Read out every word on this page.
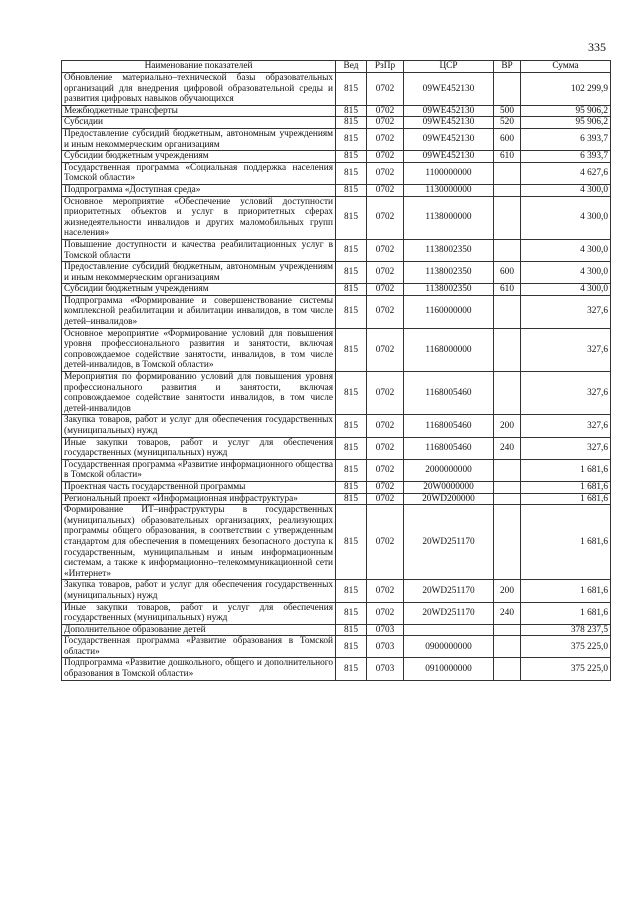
335
Наименование показателей	Вед	РзПр	ЦСР	ВР	Сумма
Обновление материально–технической базы образовательных организаций для внедрения цифровой образовательной среды и развития цифровых навыков обучающихся	815	0702	09WE452130		102 299,9
Межбюджетные трансферты	815	0702	09WE452130	500	95 906,2
Субсидии	815	0702	09WE452130	520	95 906,2
Предоставление субсидий бюджетным, автономным учреждениям и иным некоммерческим организациям	815	0702	09WE452130	600	6 393,7
Субсидии бюджетным учреждениям	815	0702	09WE452130	610	6 393,7
Государственная программа «Социальная поддержка населения Томской области»	815	0702	1100000000		4 627,6
Подпрограмма «Доступная среда»	815	0702	1130000000		4 300,0
Основное мероприятие «Обеспечение условий доступности приоритетных объектов и услуг в приоритетных сферах жизнедеятельности инвалидов и других маломобильных групп населения»	815	0702	1138000000		4 300,0
Повышение доступности и качества реабилитационных услуг в Томской области	815	0702	1138002350		4 300,0
Предоставление субсидий бюджетным, автономным учреждениям и иным некоммерческим организациям	815	0702	1138002350	600	4 300,0
Субсидии бюджетным учреждениям	815	0702	1138002350	610	4 300,0
Подпрограмма «Формирование и совершенствование системы комплексной реабилитации и абилитации инвалидов, в том числе детей–инвалидов»	815	0702	1160000000		327,6
Основное мероприятие «Формирование условий для повышения уровня профессионального развития и занятости, включая сопровождаемое содействие занятости, инвалидов, в том числе детей-инвалидов, в Томской области»	815	0702	1168000000		327,6
Мероприятия по формированию условий для повышения уровня профессионального развития и занятости, включая сопровождаемое содействие занятости инвалидов, в том числе детей-инвалидов	815	0702	1168005460		327,6
Закупка товаров, работ и услуг для обеспечения государственных (муниципальных) нужд	815	0702	1168005460	200	327,6
Иные закупки товаров, работ и услуг для обеспечения государственных (муниципальных) нужд	815	0702	1168005460	240	327,6
Государственная программа «Развитие информационного общества в Томской области»	815	0702	2000000000		1 681,6
Проектная часть государственной программы	815	0702	20W0000000		1 681,6
Региональный проект «Информационная инфраструктура»	815	0702	20WD200000		1 681,6
Формирование ИТ–инфраструктуры в государственных (муниципальных) образовательных организациях, реализующих программы общего образования, в соответствии с утвержденным стандартом для обеспечения в помещениях безопасного доступа к государственным, муниципальным и иным информационным системам, а также к информационно–телекоммуникационной сети «Интернет»	815	0702	20WD251170		1 681,6
Закупка товаров, работ и услуг для обеспечения государственных (муниципальных) нужд	815	0702	20WD251170	200	1 681,6
Иные закупки товаров, работ и услуг для обеспечения государственных (муниципальных) нужд	815	0702	20WD251170	240	1 681,6
Дополнительное образование детей	815	0703			378 237,5
Государственная программа «Развитие образования в Томской области»	815	0703	0900000000		375 225,0
Подпрограмма «Развитие дошкольного, общего и дополнительного образования в Томской области»	815	0703	0910000000		375 225,0
